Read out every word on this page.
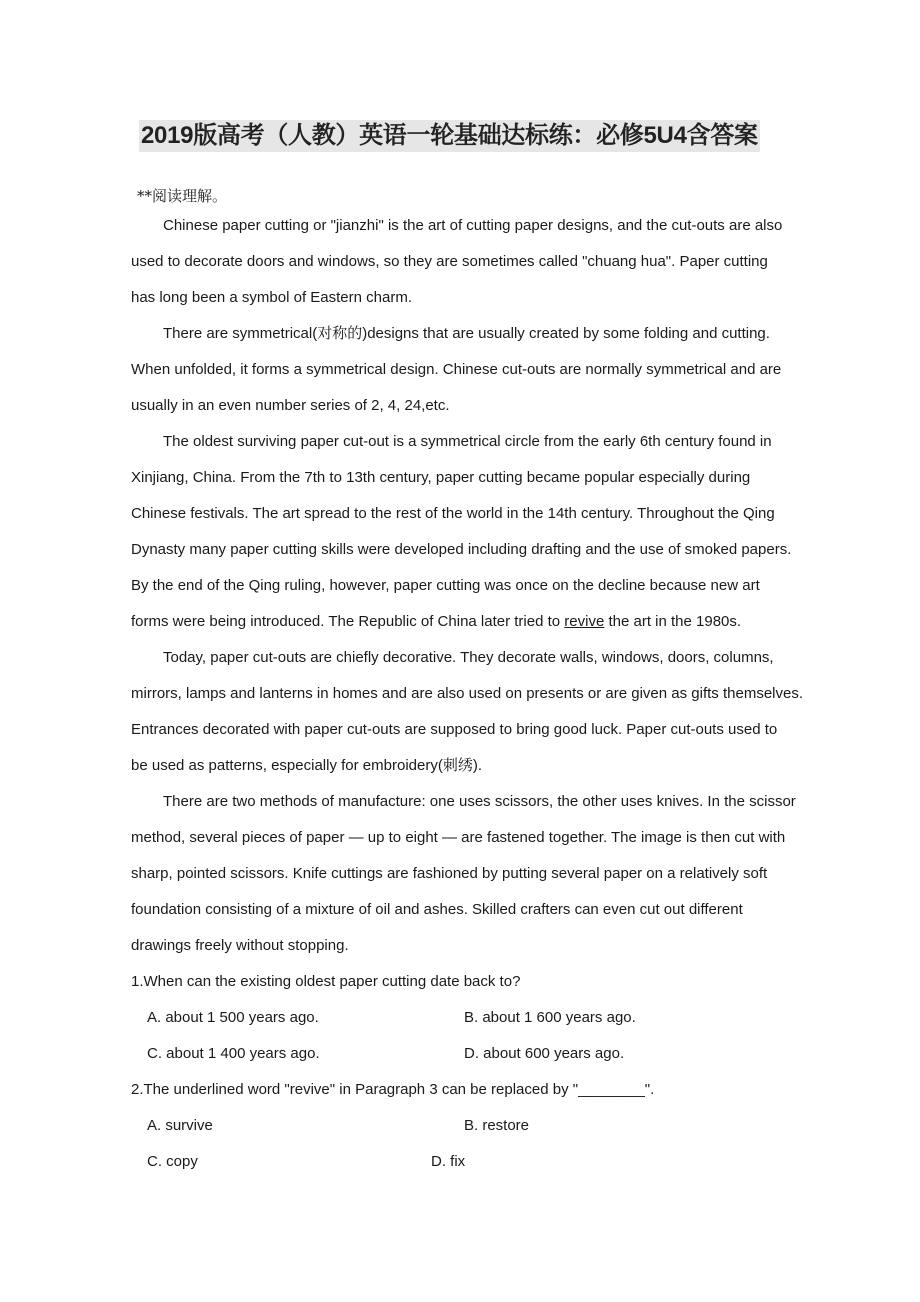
2019版高考（人教）英语一轮基础达标练：必修5U4含答案
**阅读理解。
Chinese paper cutting or "jianzhi" is the art of cutting paper designs, and the cut-outs are also
used to decorate doors and windows, so they are sometimes called "chuang hua". Paper cutting
has long been a symbol of Eastern charm.
There are symmetrical(对称的)designs that are usually created by some folding and cutting.
When unfolded, it forms a symmetrical design. Chinese cut-outs are normally symmetrical and are
usually in an even number series of 2, 4, 24,etc.
The oldest surviving paper cut-out is a symmetrical circle from the early 6th century found in
Xinjiang, China. From the 7th to 13th century, paper cutting became popular especially during
Chinese festivals. The art spread to the rest of the world in the 14th century. Throughout the Qing
Dynasty many paper cutting skills were developed including drafting and the use of smoked papers.
By the end of the Qing ruling, however, paper cutting was once on the decline because new art
forms were being introduced. The Republic of China later tried to revive the art in the 1980s.
Today, paper cut-outs are chiefly decorative. They decorate walls, windows, doors, columns,
mirrors, lamps and lanterns in homes and are also used on presents or are given as gifts themselves.
Entrances decorated with paper cut-outs are supposed to bring good luck. Paper cut-outs used to
be used as patterns, especially for embroidery(刺绣).
There are two methods of manufacture: one uses scissors, the other uses knives. In the scissor
method, several pieces of paper — up to eight — are fastened together. The image is then cut with
sharp, pointed scissors. Knife cuttings are fashioned by putting several paper on a relatively soft
foundation consisting of a mixture of oil and ashes. Skilled crafters can even cut out different
drawings freely without stopping.
1.When can the existing oldest paper cutting date back to?
A. about 1 500 years ago.	B. about 1 600 years ago.
C. about 1 400 years ago.	D. about 600 years ago.
2.The underlined word "revive" in Paragraph 3 can be replaced by "________".
A. survive	B. restore
C. copy	D. fix
